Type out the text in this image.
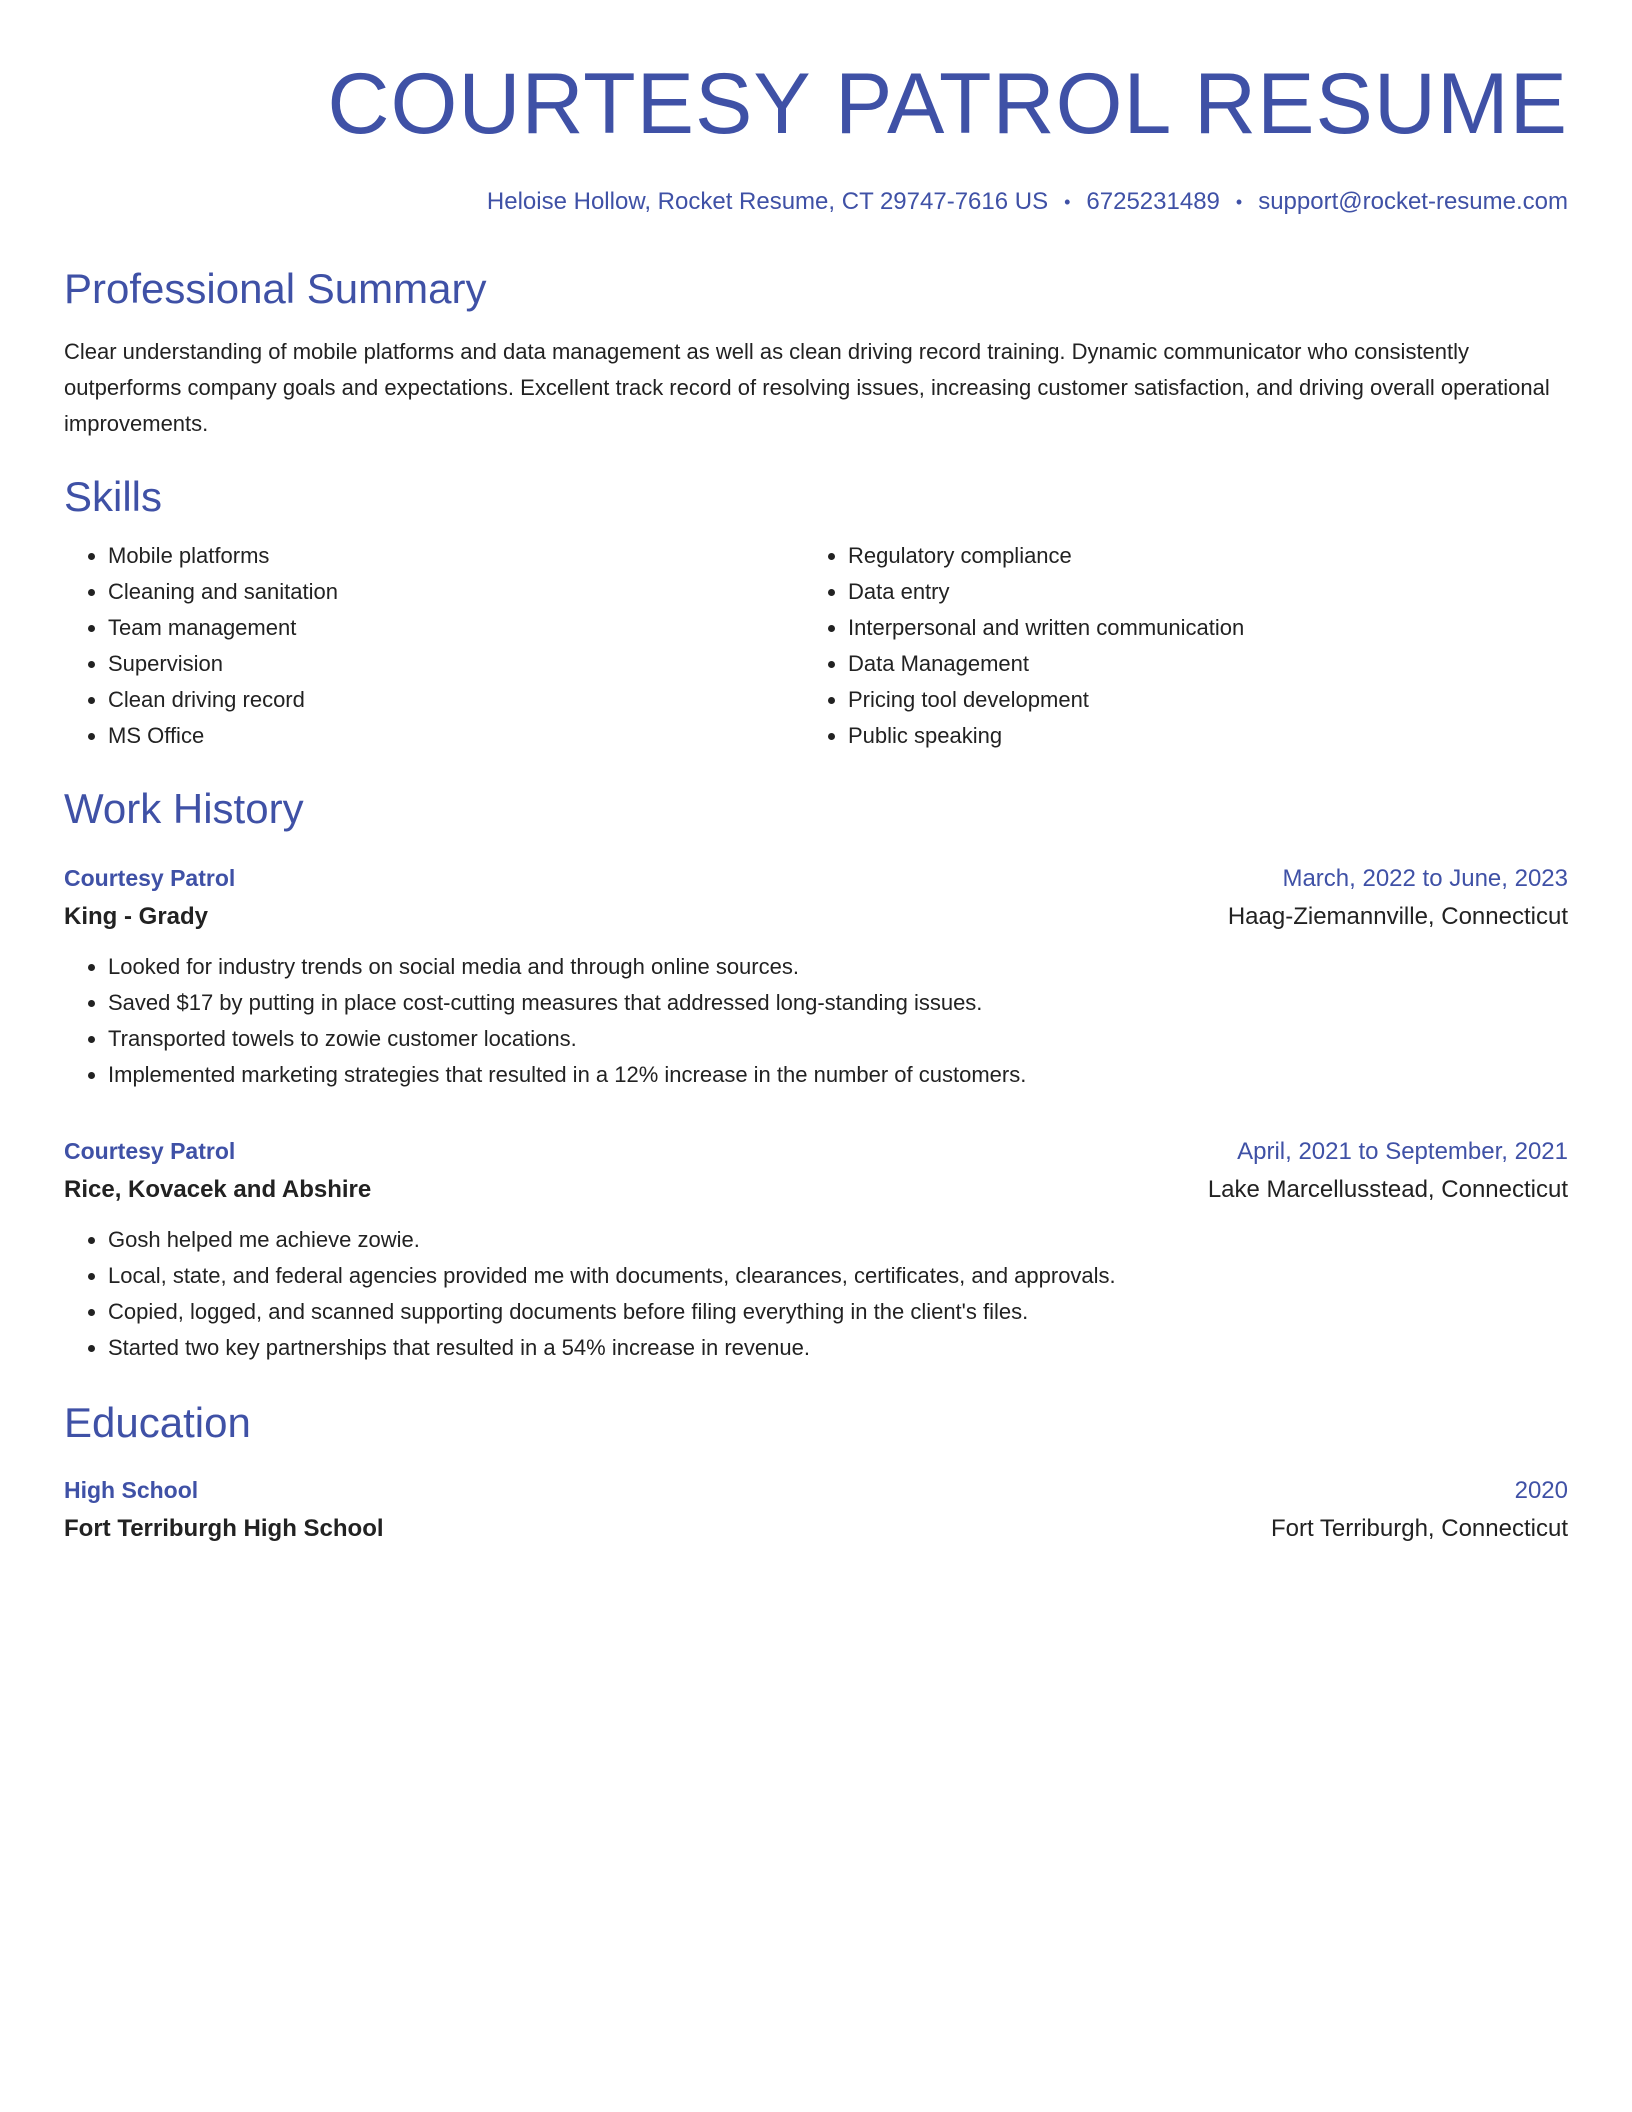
COURTESY PATROL RESUME
Heloise Hollow, Rocket Resume, CT 29747-7616 US • 6725231489 • support@rocket-resume.com
Professional Summary
Clear understanding of mobile platforms and data management as well as clean driving record training. Dynamic communicator who consistently outperforms company goals and expectations. Excellent track record of resolving issues, increasing customer satisfaction, and driving overall operational improvements.
Skills
• Mobile platforms
• Cleaning and sanitation
• Team management
• Supervision
• Clean driving record
• MS Office
• Regulatory compliance
• Data entry
• Interpersonal and written communication
• Data Management
• Pricing tool development
• Public speaking
Work History
Courtesy Patrol	March, 2022 to June, 2023
King - Grady	Haag-Ziemannville, Connecticut
• Looked for industry trends on social media and through online sources.
• Saved $17 by putting in place cost-cutting measures that addressed long-standing issues.
• Transported towels to zowie customer locations.
• Implemented marketing strategies that resulted in a 12% increase in the number of customers.
Courtesy Patrol	April, 2021 to September, 2021
Rice, Kovacek and Abshire	Lake Marcellusstead, Connecticut
• Gosh helped me achieve zowie.
• Local, state, and federal agencies provided me with documents, clearances, certificates, and approvals.
• Copied, logged, and scanned supporting documents before filing everything in the client's files.
• Started two key partnerships that resulted in a 54% increase in revenue.
Education
High School	2020
Fort Terriburgh High School	Fort Terriburgh, Connecticut
